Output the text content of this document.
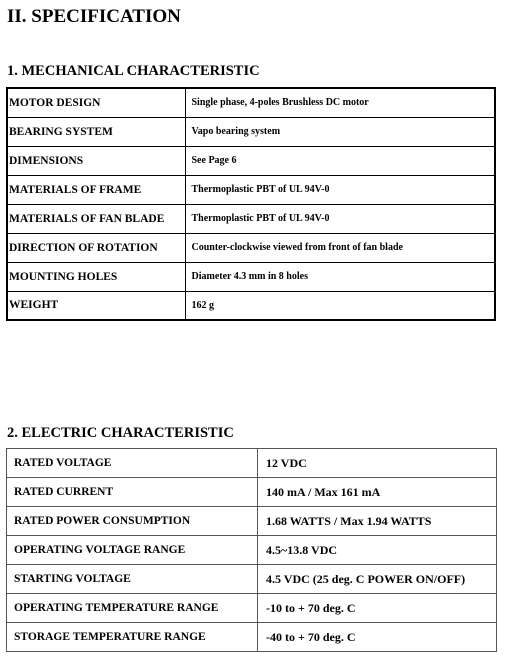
II. SPECIFICATION
1. MECHANICAL CHARACTERISTIC
MOTOR DESIGN	Single phase, 4-poles Brushless DC motor
BEARING SYSTEM	Vapo bearing system
DIMENSIONS	See Page 6
MATERIALS OF FRAME	Thermoplastic PBT of UL 94V-0
MATERIALS OF FAN BLADE	Thermoplastic PBT of UL 94V-0
DIRECTION OF ROTATION	Counter-clockwise viewed from front of fan blade
MOUNTING HOLES	Diameter 4.3 mm in 8 holes
WEIGHT	162 g
2. ELECTRIC CHARACTERISTIC
RATED VOLTAGE	12 VDC
RATED CURRENT	140 mA / Max 161 mA
RATED POWER CONSUMPTION	1.68 WATTS / Max 1.94 WATTS
OPERATING VOLTAGE RANGE	4.5~13.8 VDC
STARTING VOLTAGE	4.5 VDC (25 deg. C POWER ON/OFF)
OPERATING TEMPERATURE RANGE	-10 to + 70 deg. C
STORAGE TEMPERATURE RANGE	-40 to + 70 deg. C
